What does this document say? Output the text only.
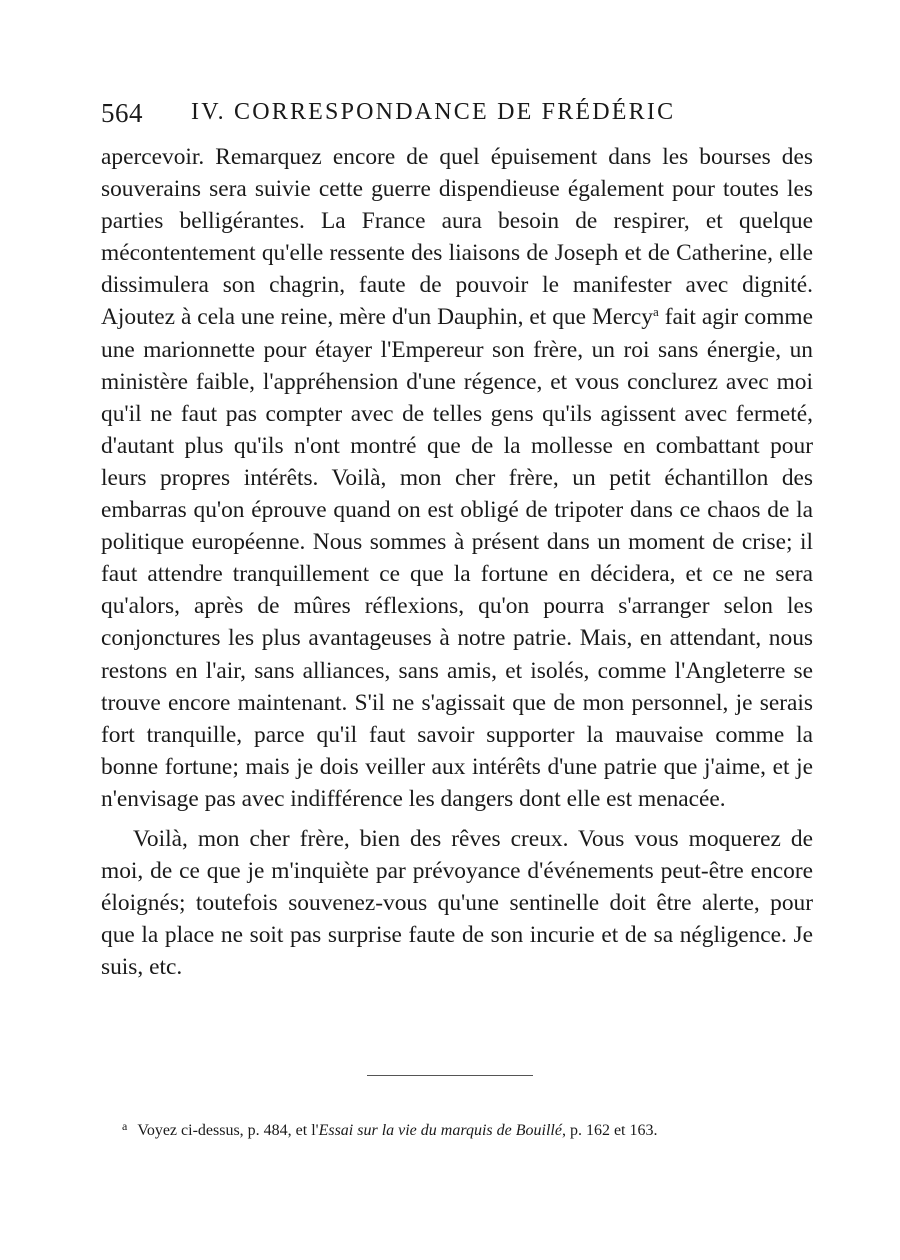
564 IV. CORRESPONDANCE DE FRÉDÉRIC

apercevoir. Remarquez encore de quel épuisement dans les bourses des souverains sera suivie cette guerre dispendieuse également pour toutes les parties belligérantes. La France aura besoin de respirer, et quelque mécontentement qu'elle ressente des liaisons de Joseph et de Catherine, elle dissimulera son chagrin, faute de pouvoir le manifester avec dignité. Ajoutez à cela une reine, mère d'un Dauphin, et que Mercy$^a$ fait agir comme une marionnette pour étayer l'Empereur son frère, un roi sans énergie, un ministère faible, l'appréhension d'une régence, et vous conclurez avec moi qu'il ne faut pas compter avec de telles gens qu'ils agissent avec fermeté, d'autant plus qu'ils n'ont montré que de la mollesse en combattant pour leurs propres intérêts. Voilà, mon cher frère, un petit échantillon des embarras qu'on éprouve quand on est obligé de tripoter dans ce chaos de la politique européenne. Nous sommes à présent dans un moment de crise; il faut attendre tranquillement ce que la fortune en décidera, et ce ne sera qu'alors, après de mûres réflexions, qu'on pourra s'arranger selon les conjonctures les plus avantageuses à notre patrie. Mais, en attendant, nous restons en l'air, sans alliances, sans amis, et isolés, comme l'Angleterre se trouve encore maintenant. S'il ne s'agissait que de mon personnel, je serais fort tranquille, parce qu'il faut savoir supporter la mauvaise comme la bonne fortune; mais je dois veiller aux intérêts d'une patrie que j'aime, et je n'envisage pas avec indifférence les dangers dont elle est menacée.

Voilà, mon cher frère, bien des rêves creux. Vous vous moquerez de moi, de ce que je m'inquiète par prévoyance d'événements peut-être encore éloignés; toutefois souvenez-vous qu'une sentinelle doit être alerte, pour que la place ne soit pas surprise faute de son incurie et de sa négligence. Je suis, etc.

$^a$ Voyez ci-dessus, p. 484, et l'Essai sur la vie du marquis de Bouillé, p. 162 et 163.
